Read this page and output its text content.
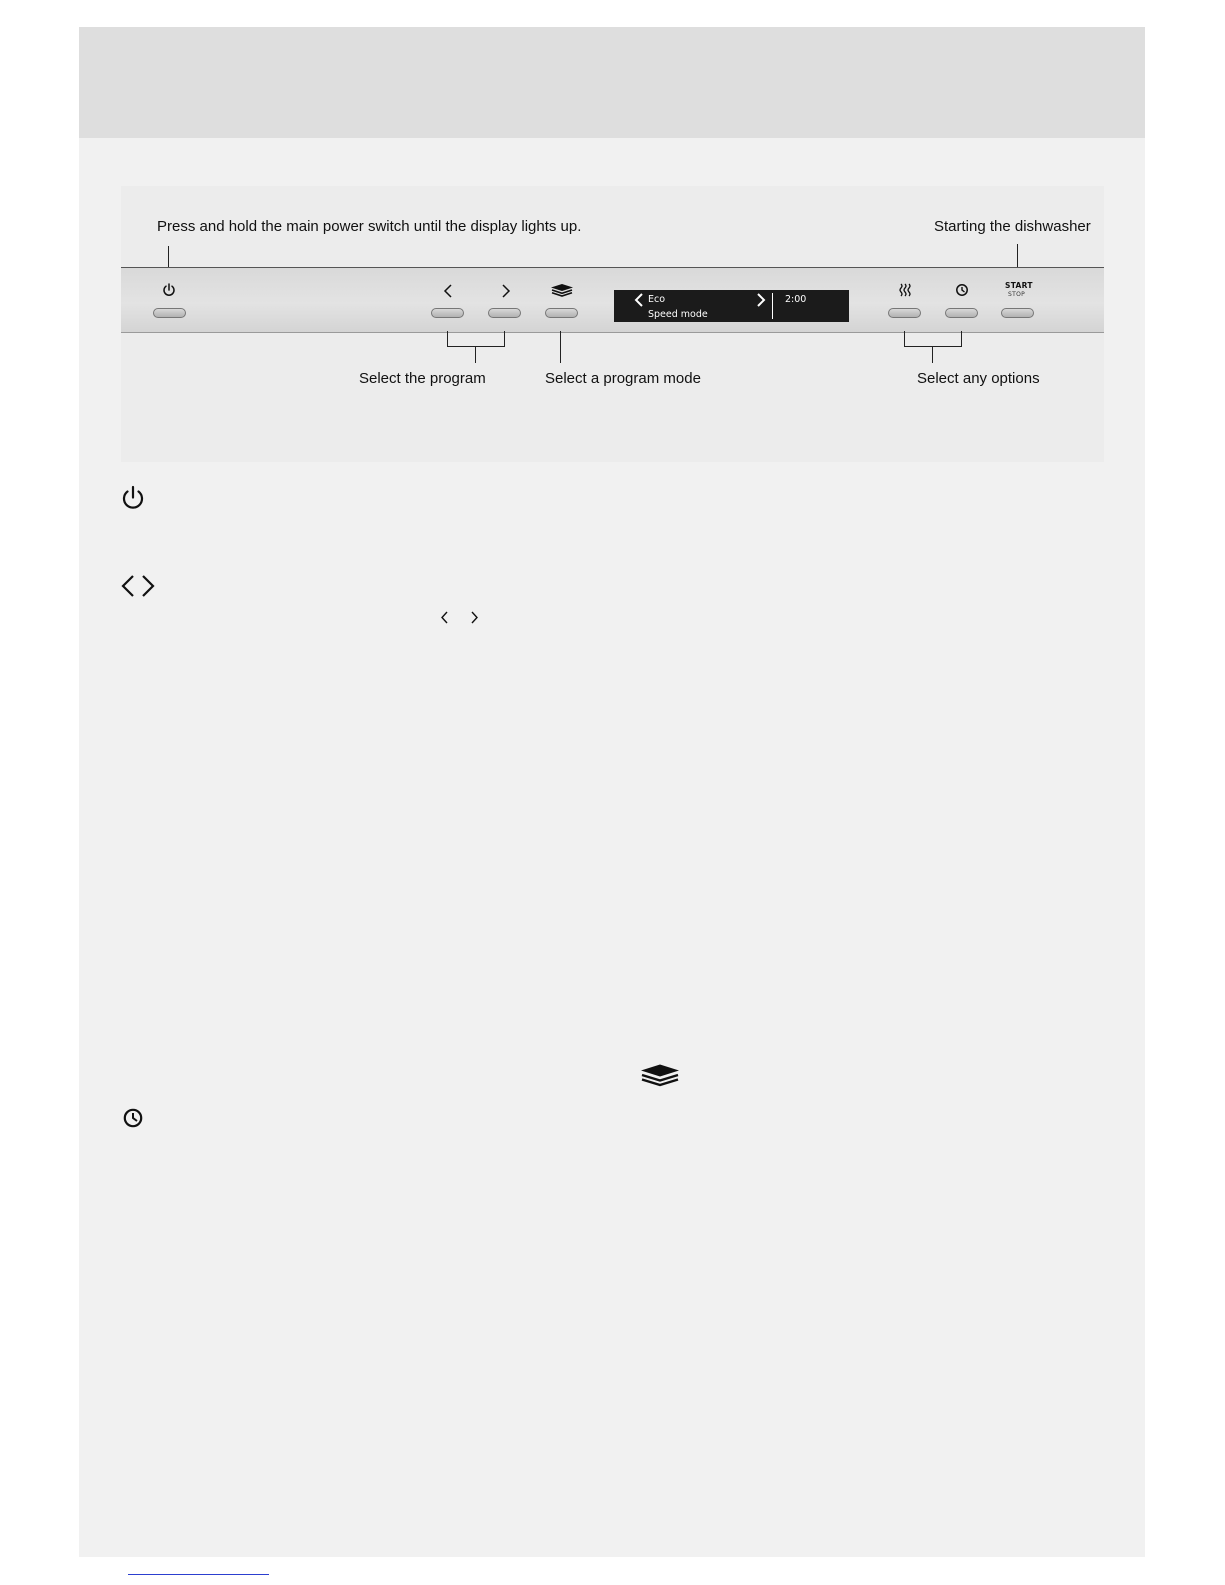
Press and hold the main power switch until the display lights up.	Starting the dishwasher
Eco
Speed mode
2:00
START
STOP
Select the program	Select a program mode	Select any options
